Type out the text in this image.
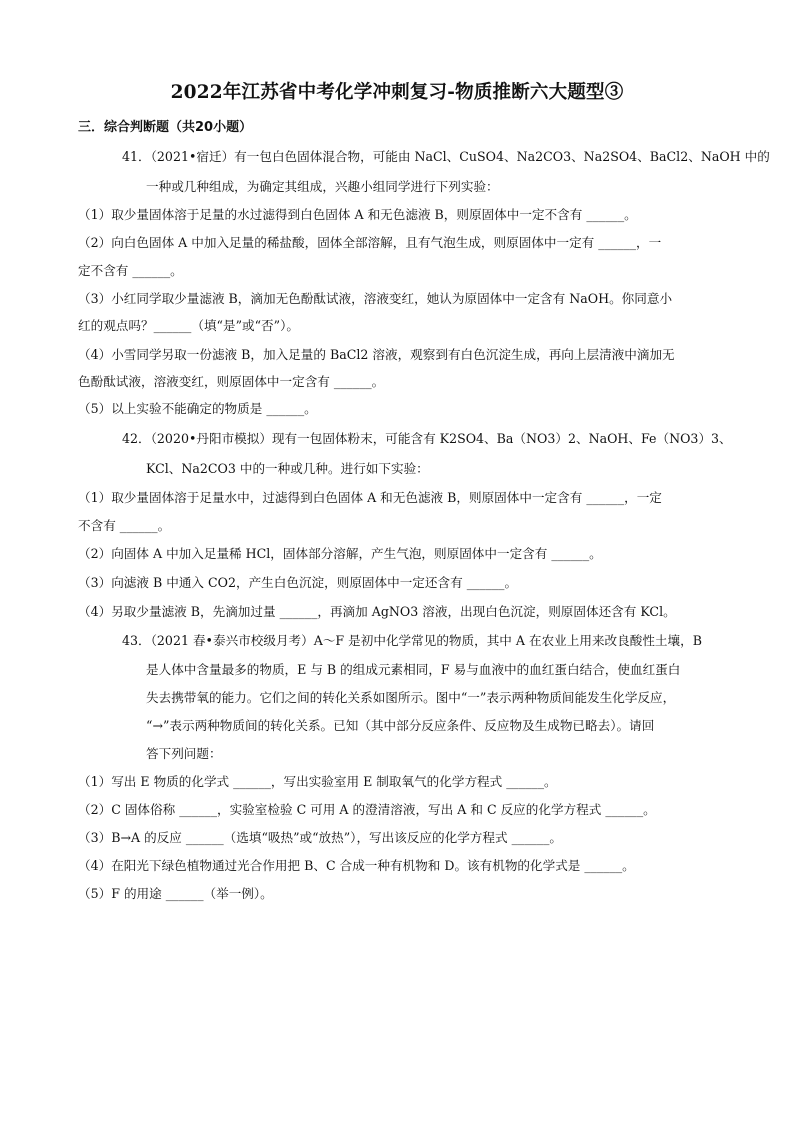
2022年江苏省中考化学冲刺复习-物质推断六大题型③
三．综合判断题（共20小题）
41．（2021•宿迁）有一包白色固体混合物，可能由 NaCl、CuSO4、Na2CO3、Na2SO4、BaCl2、NaOH 中的
一种或几种组成，为确定其组成，兴趣小组同学进行下列实验：
（1）取少量固体溶于足量的水过滤得到白色固体 A 和无色滤液 B，则原固体中一定不含有 ______。
（2）向白色固体 A 中加入足量的稀盐酸，固体全部溶解，且有气泡生成，则原固体中一定有 ______，一
定不含有 ______。
（3）小红同学取少量滤液 B，滴加无色酚酞试液，溶液变红，她认为原固体中一定含有 NaOH。你同意小
红的观点吗？______（填“是”或“否”）。
（4）小雪同学另取一份滤液 B，加入足量的 BaCl2 溶液，观察到有白色沉淀生成，再向上层清液中滴加无
色酚酞试液，溶液变红，则原固体中一定含有 ______。
（5）以上实验不能确定的物质是 ______。
42．（2020•丹阳市模拟）现有一包固体粉末，可能含有 K2SO4、Ba（NO3）2、NaOH、Fe（NO3）3、
KCl、Na2CO3 中的一种或几种。进行如下实验：
（1）取少量固体溶于足量水中，过滤得到白色固体 A 和无色滤液 B，则原固体中一定含有 ______，一定
不含有 ______。
（2）向固体 A 中加入足量稀 HCl，固体部分溶解，产生气泡，则原固体中一定含有 ______。
（3）向滤液 B 中通入 CO2，产生白色沉淀，则原固体中一定还含有 ______。
（4）另取少量滤液 B，先滴加过量 ______，再滴加 AgNO3 溶液，出现白色沉淀，则原固体还含有 KCl。
43．（2021 春•泰兴市校级月考）A～F 是初中化学常见的物质，其中 A 在农业上用来改良酸性土壤，B
是人体中含量最多的物质，E 与 B 的组成元素相同，F 易与血液中的血红蛋白结合，使血红蛋白
失去携带氧的能力。它们之间的转化关系如图所示。图中“一”表示两种物质间能发生化学反应，
“→”表示两种物质间的转化关系。已知（其中部分反应条件、反应物及生成物已略去）。请回
答下列问题：
（1）写出 E 物质的化学式 ______，写出实验室用 E 制取氧气的化学方程式 ______。
（2）C 固体俗称 ______，实验室检验 C 可用 A 的澄清溶液，写出 A 和 C 反应的化学方程式 ______。
（3）B→A 的反应 ______（选填“吸热”或“放热”），写出该反应的化学方程式 ______。
（4）在阳光下绿色植物通过光合作用把 B、C 合成一种有机物和 D。该有机物的化学式是 ______。
（5）F 的用途 ______（举一例）。
